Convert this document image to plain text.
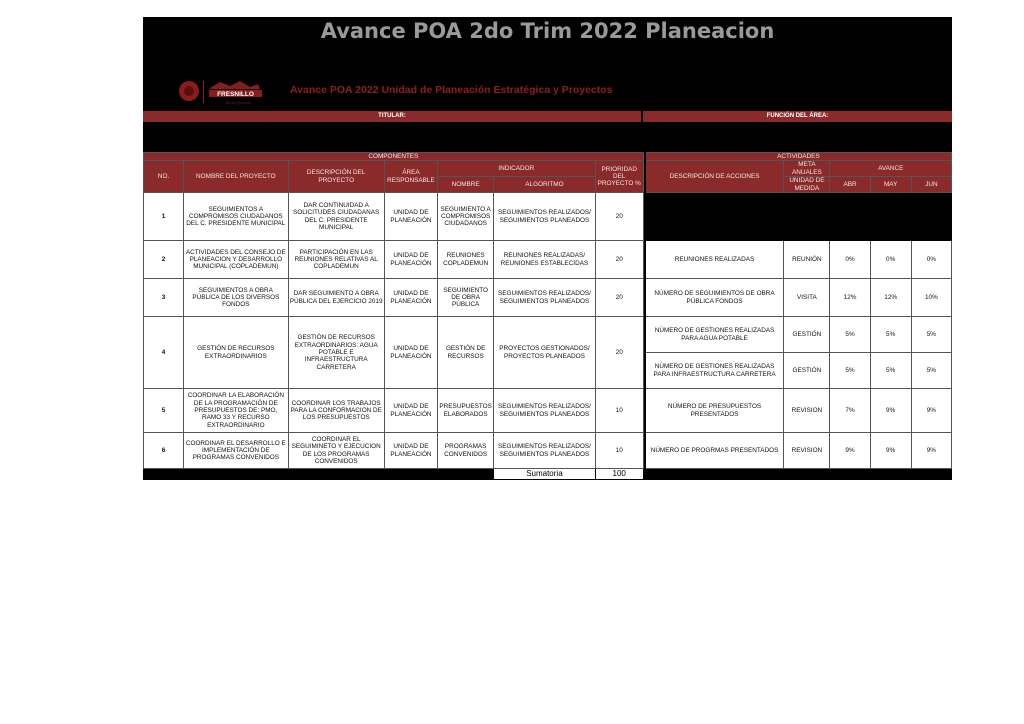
Avance POA 2do Trim 2022 Planeacion
FRESNILLO
Tierra Querida
Avance POA 2022 Unidad de Planeación Estratégica y Proyectos
TITULAR:	FUNCIÓN DEL ÁREA:
COMPONENTES								ACTIVIDADES				
NO.	NOMBRE DEL PROYECTO	DESCRIPCIÓN DEL PROYECTO	ÁREA RESPONSABLE	INDICADOR		PRIORIDAD DEL PROYECTO %		DESCRIPCIÓN DE ACCIONES	META ANUALES	AVANCE		
				NOMBRE	ALGORITMO				UNIDAD DE MEDIDA	ABR	MAY	JUN

1	SEGUIMIENTOS A COMPROMISOS CIUDADANOS DEL C. PRESIDENTE MUNICIPAL	DAR CONTINUIDAD A SOLICITUDES CIUDADANAS DEL C. PRESIDENTE MUNICIPAL	UNIDAD DE PLANEACIÓN	SEGUIMIENTO A COMPROMISOS CIUDADANOS	SEGUIMIENTOS REALIZADOS/ SEGUIMIENTOS PLANEADOS	20						
2	ACTIVIDADES DEL CONSEJO DE PLANEACION Y DESARROLLO MUNICIPAL (COPLADEMUN)	PARTICIPACIÓN EN LAS REUNIONES RELATIVAS AL COPLADEMUN	UNIDAD DE PLANEACIÓN	REUNIONES COPLADEMUN	REUNIONES REALIZADAS/ REUNIONES ESTABLECIDAS	20		REUNIONES REALIZADAS	REUNIÓN	0%	0%	0%
3	SEGUIMIENTOS A OBRA PÚBLICA DE LOS DIVERSOS FONDOS	DAR SEGUIMIENTO A OBRA PÚBLICA DEL EJERCICIO 2019	UNIDAD DE PLANEACIÓN	SEGUIMIENTO DE OBRA PÚBLICA	SEGUIMIENTOS REALIZADOS/ SEGUIMIENTOS PLANEADOS	20		NÚMERO DE SEGUIMIENTOS DE OBRA PÚBLICA FONDOS	VISITA	12%	12%	10%
4	GESTIÓN DE RECURSOS EXTRAORDINARIOS	GESTIÓN DE RECURSOS EXTRAORDINARIOS: AGUA POTABLE E INFRAESTRUCTURA CARRETERA	UNIDAD DE PLANEACIÓN	GESTIÓN DE RECURSOS	PROYECTOS GESTIONADOS/ PROYECTOS PLANEADOS	20		NÚMERO DE GESTIONES REALIZADAS PARA AGUA POTABLE	GESTIÓN	5%	5%	5%
								NÚMERO DE GESTIONES REALIZADAS PARA INFRAESTRUCTURA CARRETERA	GESTIÓN	5%	5%	5%
5	COORDINAR LA ELABORACIÓN DE LA PROGRAMACIÓN DE PRESUPUESTOS DE: PMO, RAMO 33 Y RECURSO EXTRAORDINARIO	COORDINAR LOS TRABAJOS PARA LA CONFORMACION DE LOS PRESUPUESTOS	UNIDAD DE PLANEACIÓN	PRESUPUESTOS ELABORADOS	SEGUIMIENTOS REALIZADOS/ SEGUIMIENTOS PLANEADOS	10		NÚMERO DE PRESUPUESTOS PRESENTADOS	REVISION	7%	9%	9%
6	COORDINAR EL DESARROLLO E IMPLEMENTACIÓN DE PROGRAMAS CONVENIDOS	COORDINAR EL SEGUIMINETO Y EJECUCION DE LOS PROGRAMAS CONVENIDOS	UNIDAD DE PLANEACIÓN	PROGRAMAS CONVENIDOS	SEGUIMIENTOS REALIZADOS/ SEGUIMIENTOS PLANEADOS	10		NÚMERO DE PROGRMAS PRESENTADOS	REVISION	9%	9%	9%
					Sumatoria	100						
